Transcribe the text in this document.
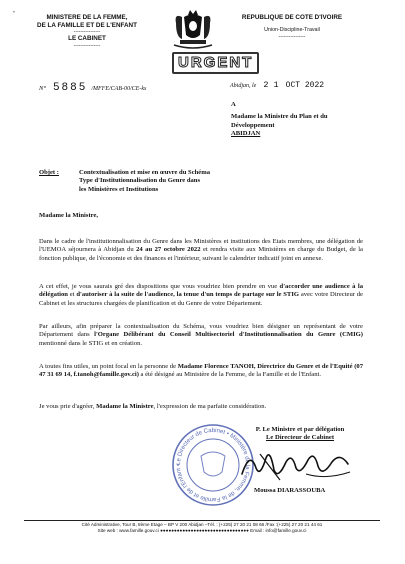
'	MINISTERE DE LA FEMME,
DE LA FAMILLE ET DE L'ENFANT
----------------
LE CABINET
----------------
REPUBLIQUE DE COTE D'IVOIRE
Union-Discipline-Travail
----------------
URGENT
N° 5885 /MFFE/CAB-00/CE-ks	Abidjan, le 2 1 OCT 2022
A
Madame la Ministre du Plan et du
Développement
ABIDJAN
Objet :	Contextualisation et mise en œuvre du Schéma
Type d'Institutionnalisation du Genre dans
les Ministères et Institutions
Madame la Ministre,
Dans le cadre de l'institutionnalisation du Genre dans les Ministères et institutions des Etats membres, une délégation de l'UEMOA séjournera à Abidjan du 24 au 27 octobre 2022 et rendra visite aux Ministères en charge du Budget, de la fonction publique, de l'économie et des finances et l'intérieur, suivant le calendrier indicatif joint en annexe.
A cet effet, je vous saurais gré des dispositions que vous voudriez bien prendre en vue d'accorder une audience à la délégation et d'autoriser à la suite de l'audience, la tenue d'un temps de partage sur le STIG avec votre Directeur de Cabinet et les structures chargées de planification et du Genre de votre Département.
Par ailleurs, afin préparer la contextualisation du Schéma, vous voudriez bien désigner un représentant de votre Département dans l'Organe Délibérant du Conseil Multisectoriel d'Institutionnalisation du Genre (CMIG) mentionné dans le STIG et en création.
A toutes fins utiles, un point focal en la personne de Madame Florence TANOH, Directrice du Genre et de l'Equité (07 47 31 69 14, f.tanoh@famille.gov.ci) a été désigné au Ministère de la Femme, de la Famille et de l'Enfant.
Je vous prie d'agréer, Madame la Ministre, l'expression de ma parfaite considération.
Le Directeur de Cabinet • Ministère de la Femme, de la Famille et de l'Enfant •
P. Le Ministre et par délégation
Le Directeur de Cabinet
Moussa DIARASSOUBA
Cité Administrative, Tour B, 8ème Etage – BP V 200 Abidjan –Tél. : (+225) 27 20 21 08 66 /Fax :(+225) 27 20 21 44 61
Site web : www.famille.gouv.ci ●●●●●●●●●●●●●●●●●●●●●●●●●●●●●●●● Email : info@famille.gouv.ci
